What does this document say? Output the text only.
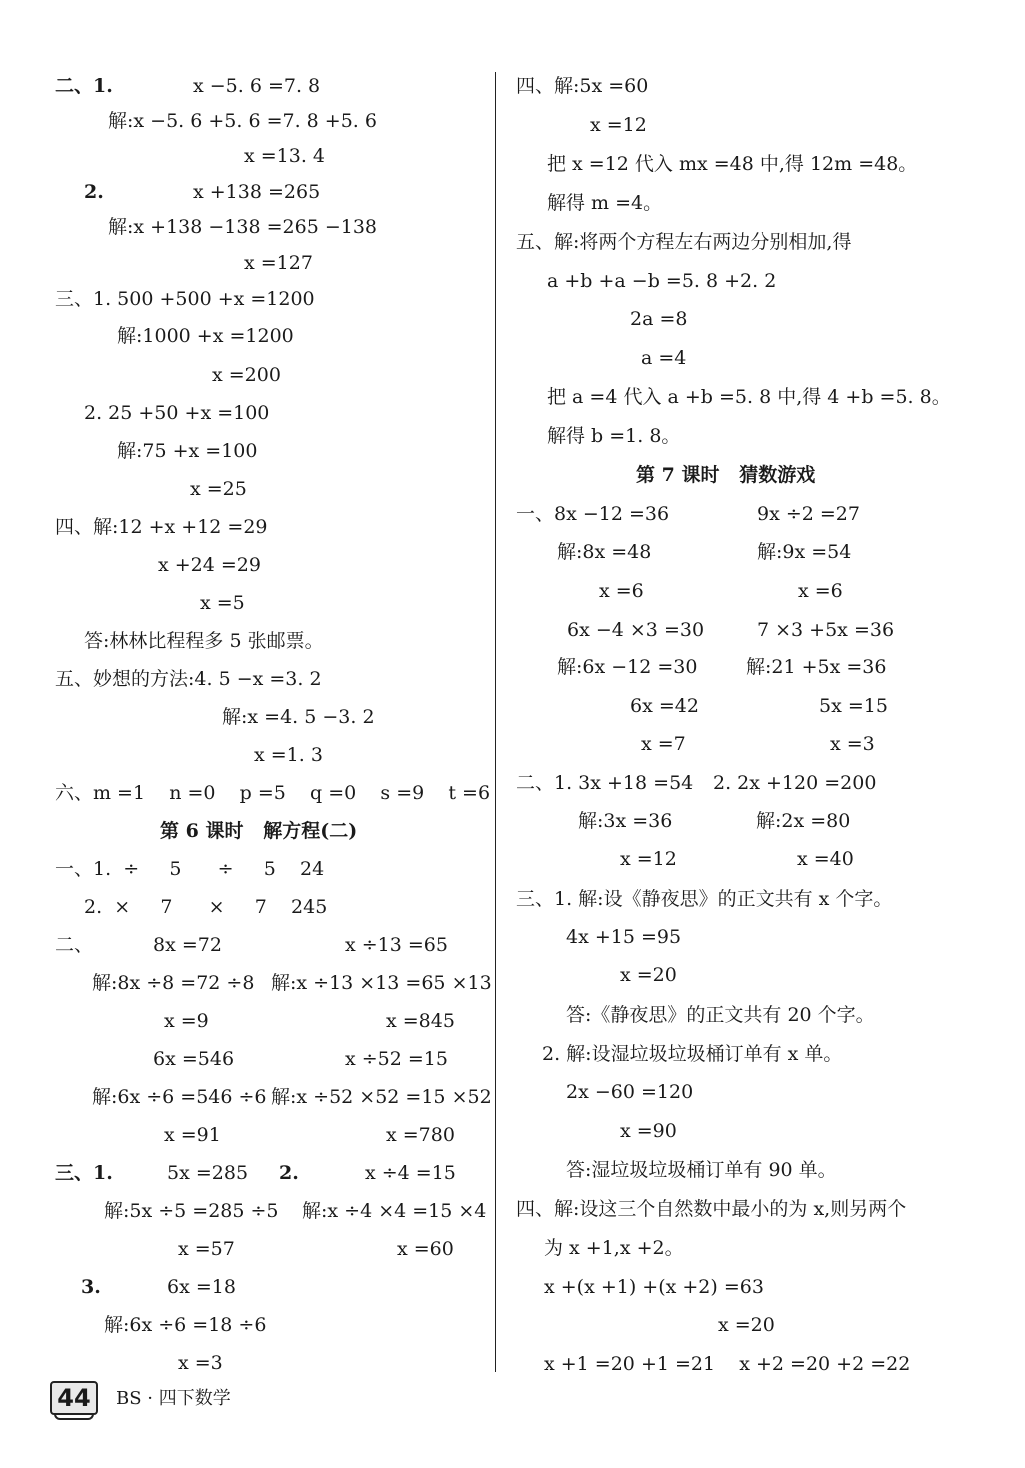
二、1.	x −5. 6 =7. 8
解:x −5. 6 +5. 6 =7. 8 +5. 6
x =13. 4
2.	x +138 =265
解:x +138 −138 =265 −138
x =127
三、1. 500 +500 +x =1200
解:1000 +x =1200
x =200
2. 25 +50 +x =100
解:75 +x =100
x =25
四、解:12 +x +12 =29
x +24 =29
x =5
答:林林比程程多 5 张邮票。
五、妙想的方法:4. 5 −x =3. 2
解:x =4. 5 −3. 2
x =1. 3
六、m =1    n =0    p =5    q =0    s =9    t =6
第 6 课时   解方程(二)
一、1.  ÷     5      ÷     5    24
2.  ×     7      ×     7    245
二、	8x =72	x ÷13 =65
解:8x ÷8 =72 ÷8 解:x ÷13 ×13 =65 ×13
x =9	x =845
6x =546	x ÷52 =15
解:6x ÷6 =546 ÷6 解:x ÷52 ×52 =15 ×52
x =91	x =780
三、1.	5x =285 2.	x ÷4 =15
解:5x ÷5 =285 ÷5 解:x ÷4 ×4 =15 ×4
x =57	x =60
3.	6x =18
解:6x ÷6 =18 ÷6
x =3
四、解:5x =60
x =12
把 x =12 代入 mx =48 中,得 12m =48。
解得 m =4。
五、解:将两个方程左右两边分别相加,得
a +b +a −b =5. 8 +2. 2
2a =8
a =4
把 a =4 代入 a +b =5. 8 中,得 4 +b =5. 8。
解得 b =1. 8。
第 7 课时   猜数游戏
一、8x −12 =36	9x ÷2 =27
解:8x =48	解:9x =54
x =6	x =6
6x −4 ×3 =30	7 ×3 +5x =36
解:6x −12 =30	解:21 +5x =36
6x =42	5x =15
x =7	x =3
二、1. 3x +18 =54 2. 2x +120 =200
解:3x =36	解:2x =80
x =12	x =40
三、1. 解:设《静夜思》的正文共有 x 个字。
4x +15 =95
x =20
答:《静夜思》的正文共有 20 个字。
2. 解:设湿垃圾垃圾桶订单有 x 单。
2x −60 =120
x =90
答:湿垃圾垃圾桶订单有 90 单。
四、解:设这三个自然数中最小的为 x,则另两个
为 x +1,x +2。
x +(x +1) +(x +2) =63
x =20
x +1 =20 +1 =21    x +2 =20 +2 =22
44	BS · 四下数学
